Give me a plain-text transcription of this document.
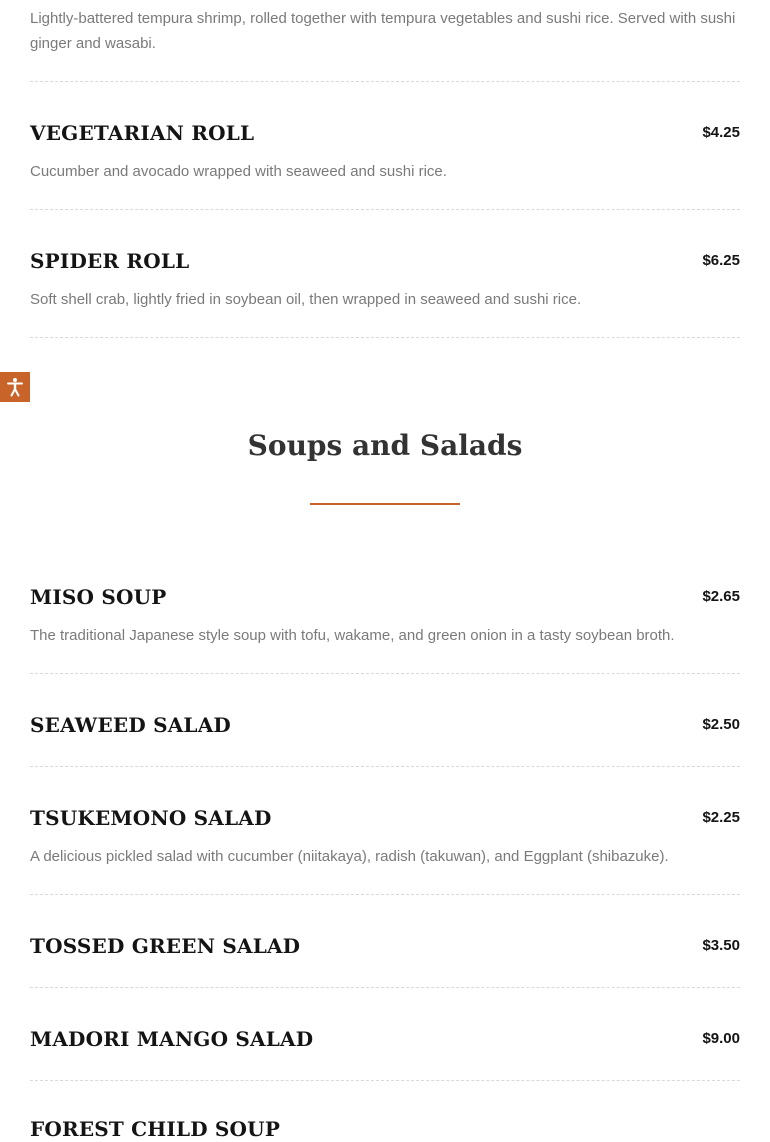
Lightly-battered tempura shrimp, rolled together with tempura vegetables and sushi rice. Served with sushi ginger and wasabi.

VEGETARIAN ROLL	$4.25

Cucumber and avocado wrapped with seaweed and sushi rice.

SPIDER ROLL	$6.25

Soft shell crab, lightly fried in soybean oil, then wrapped in seaweed and sushi rice.

Soups and Salads
MISO SOUP	$2.65

The traditional Japanese style soup with tofu, wakame, and green onion in a tasty soybean broth.

SEAWEED SALAD	$2.50
TSUKEMONO SALAD	$2.25

A delicious pickled salad with cucumber (niitakaya), radish (takuwan), and Eggplant (shibazuke).

TOSSED GREEN SALAD	$3.50
MADORI MANGO SALAD	$9.00
FOREST CHILD SOUP
